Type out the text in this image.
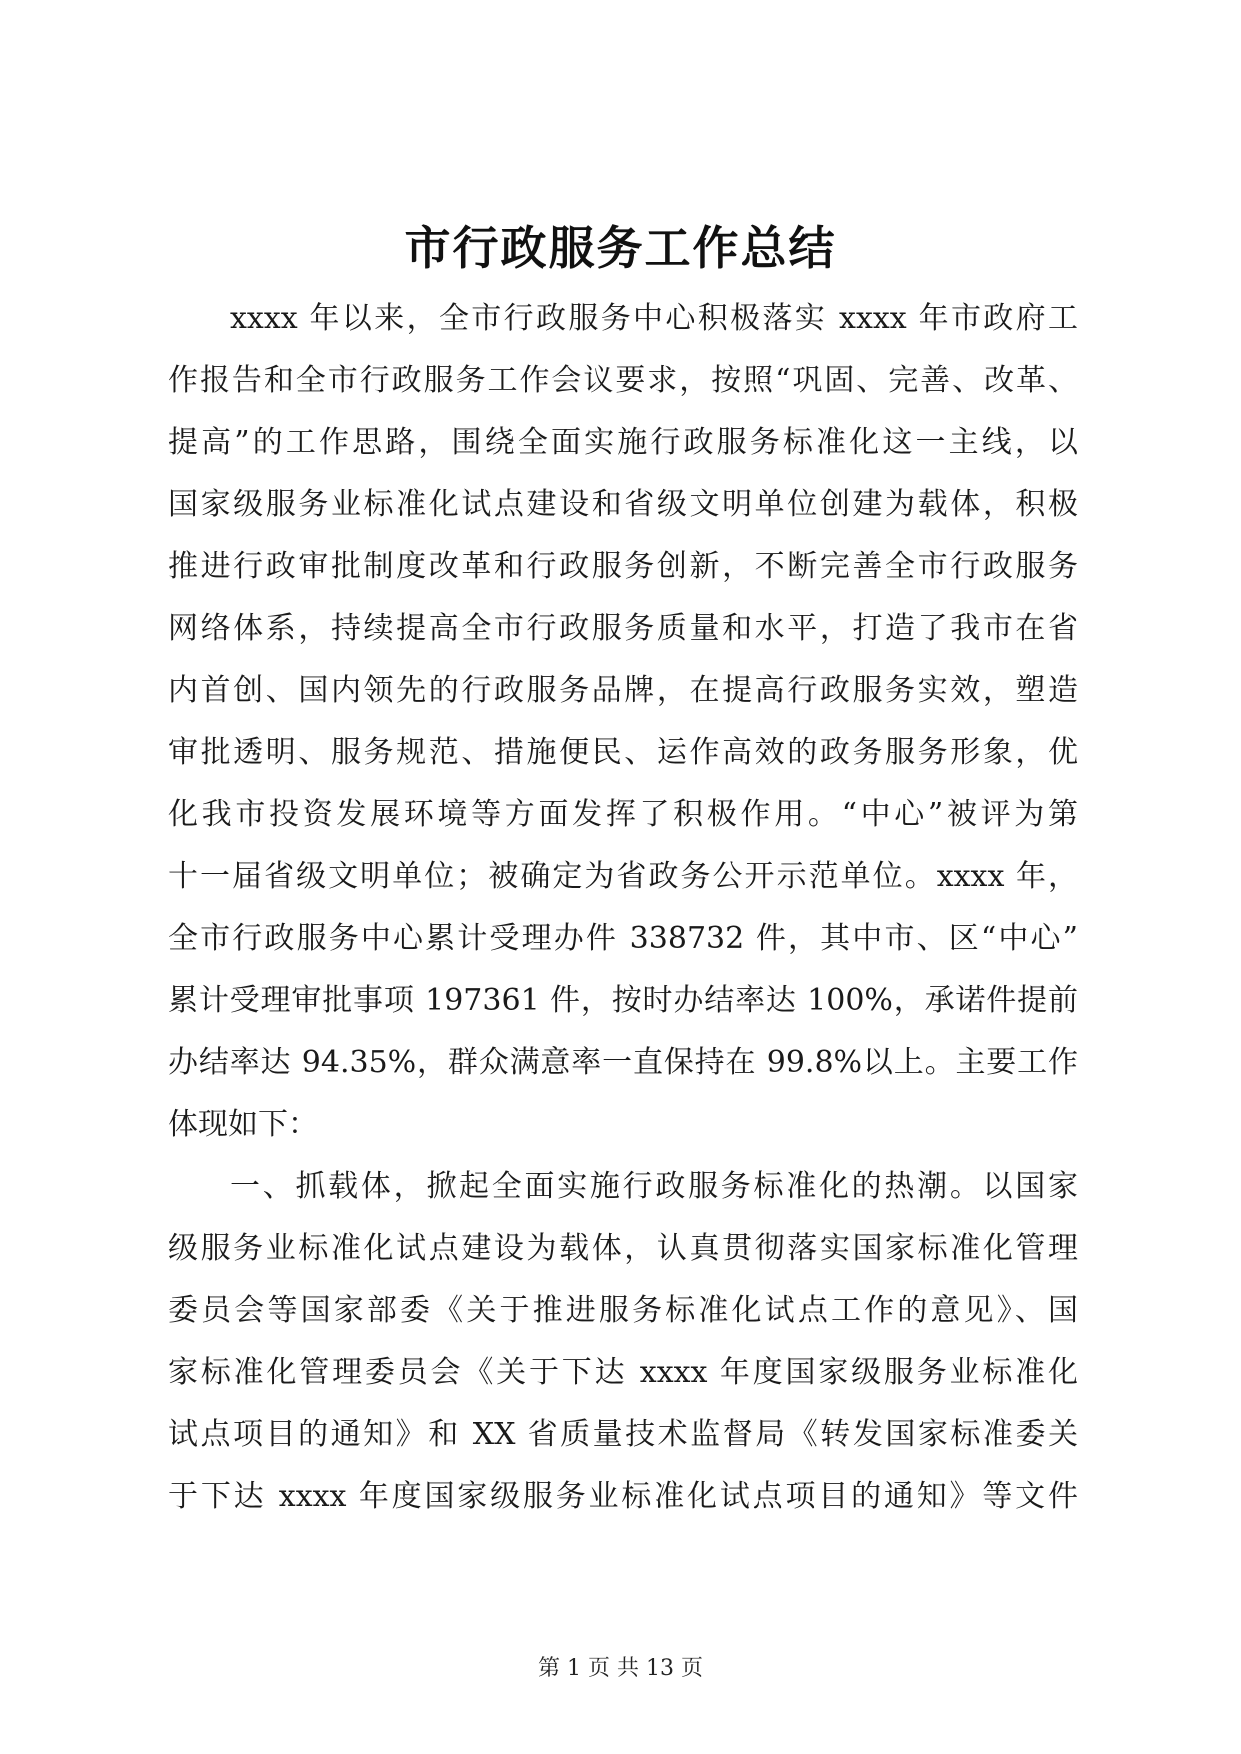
市行政服务工作总结
xxxx 年以来，全市行政服务中心积极落实 xxxx 年市政府工
作报告和全市行政服务工作会议要求，按照“巩固、完善、改革、
提高”的工作思路，围绕全面实施行政服务标准化这一主线，以
国家级服务业标准化试点建设和省级文明单位创建为载体，积极
推进行政审批制度改革和行政服务创新，不断完善全市行政服务
网络体系，持续提高全市行政服务质量和水平，打造了我市在省
内首创、国内领先的行政服务品牌，在提高行政服务实效，塑造
审批透明、服务规范、措施便民、运作高效的政务服务形象，优
化我市投资发展环境等方面发挥了积极作用。“中心”被评为第
十一届省级文明单位；被确定为省政务公开示范单位。xxxx 年，
全市行政服务中心累计受理办件 338732 件，其中市、区“中心”
累计受理审批事项 197361 件，按时办结率达 100%，承诺件提前
办结率达 94.35%，群众满意率一直保持在 99.8%以上。主要工作
体现如下：
一、抓载体，掀起全面实施行政服务标准化的热潮。以国家
级服务业标准化试点建设为载体，认真贯彻落实国家标准化管理
委员会等国家部委《关于推进服务标准化试点工作的意见》、国
家标准化管理委员会《关于下达 xxxx 年度国家级服务业标准化
试点项目的通知》和 XX 省质量技术监督局《转发国家标准委关
于下达 xxxx 年度国家级服务业标准化试点项目的通知》等文件
第 1 页 共 13 页
